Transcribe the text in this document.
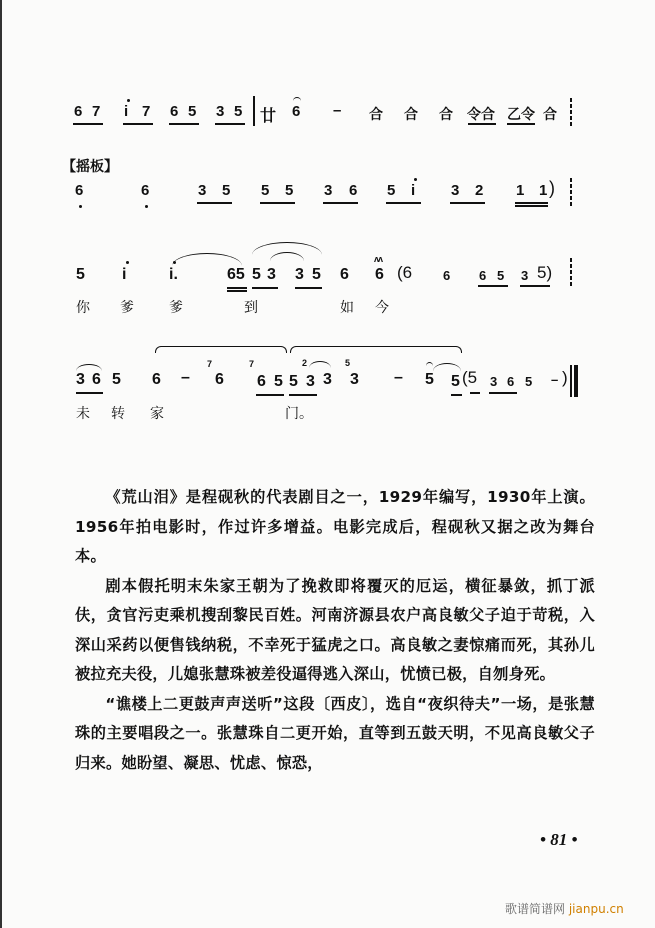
6 7 i 7 6 5 3 5 廿 6 – 合 合 合 令合 乙令 合
【摇板】
6	6	3 5 5 5 3 6 5 i 3 2 1 1 )
5 i	i.	65 5 3 3 5 6 6
ʌʌ
(6 6 6 5 3 5)
你 爹	爹	到	如 今
3 6 5 6 –
7
6
7
6 5 5
2
3 3
5
3 – 5 5 (5 3 6 5 – )
未 转 家	门。

《荒山泪》是程砚秋的代表剧目之一，1929年编写，1930年上演。1956年拍电影时，作过许多增益。电影完成后，程砚秋又据之改为舞台本。

剧本假托明末朱家王朝为了挽救即将覆灭的厄运，横征暴敛，抓丁派伕，贪官污吏乘机搜刮黎民百姓。河南济源县农户高良敏父子迫于苛税，入深山采药以便售钱纳税，不幸死于猛虎之口。高良敏之妻惊痛而死，其孙儿被拉充夫役，儿媳张慧珠被差役逼得逃入深山，忧愤已极，自刎身死。

“谯楼上二更鼓声声送听”这段〔西皮〕，选自“夜织待夫”一场，是张慧珠的主要唱段之一。张慧珠自二更开始，直等到五鼓天明，不见高良敏父子归来。她盼望、凝思、忧虑、惊恐，

• 81 •
歌谱简谱网 jianpu.cn
